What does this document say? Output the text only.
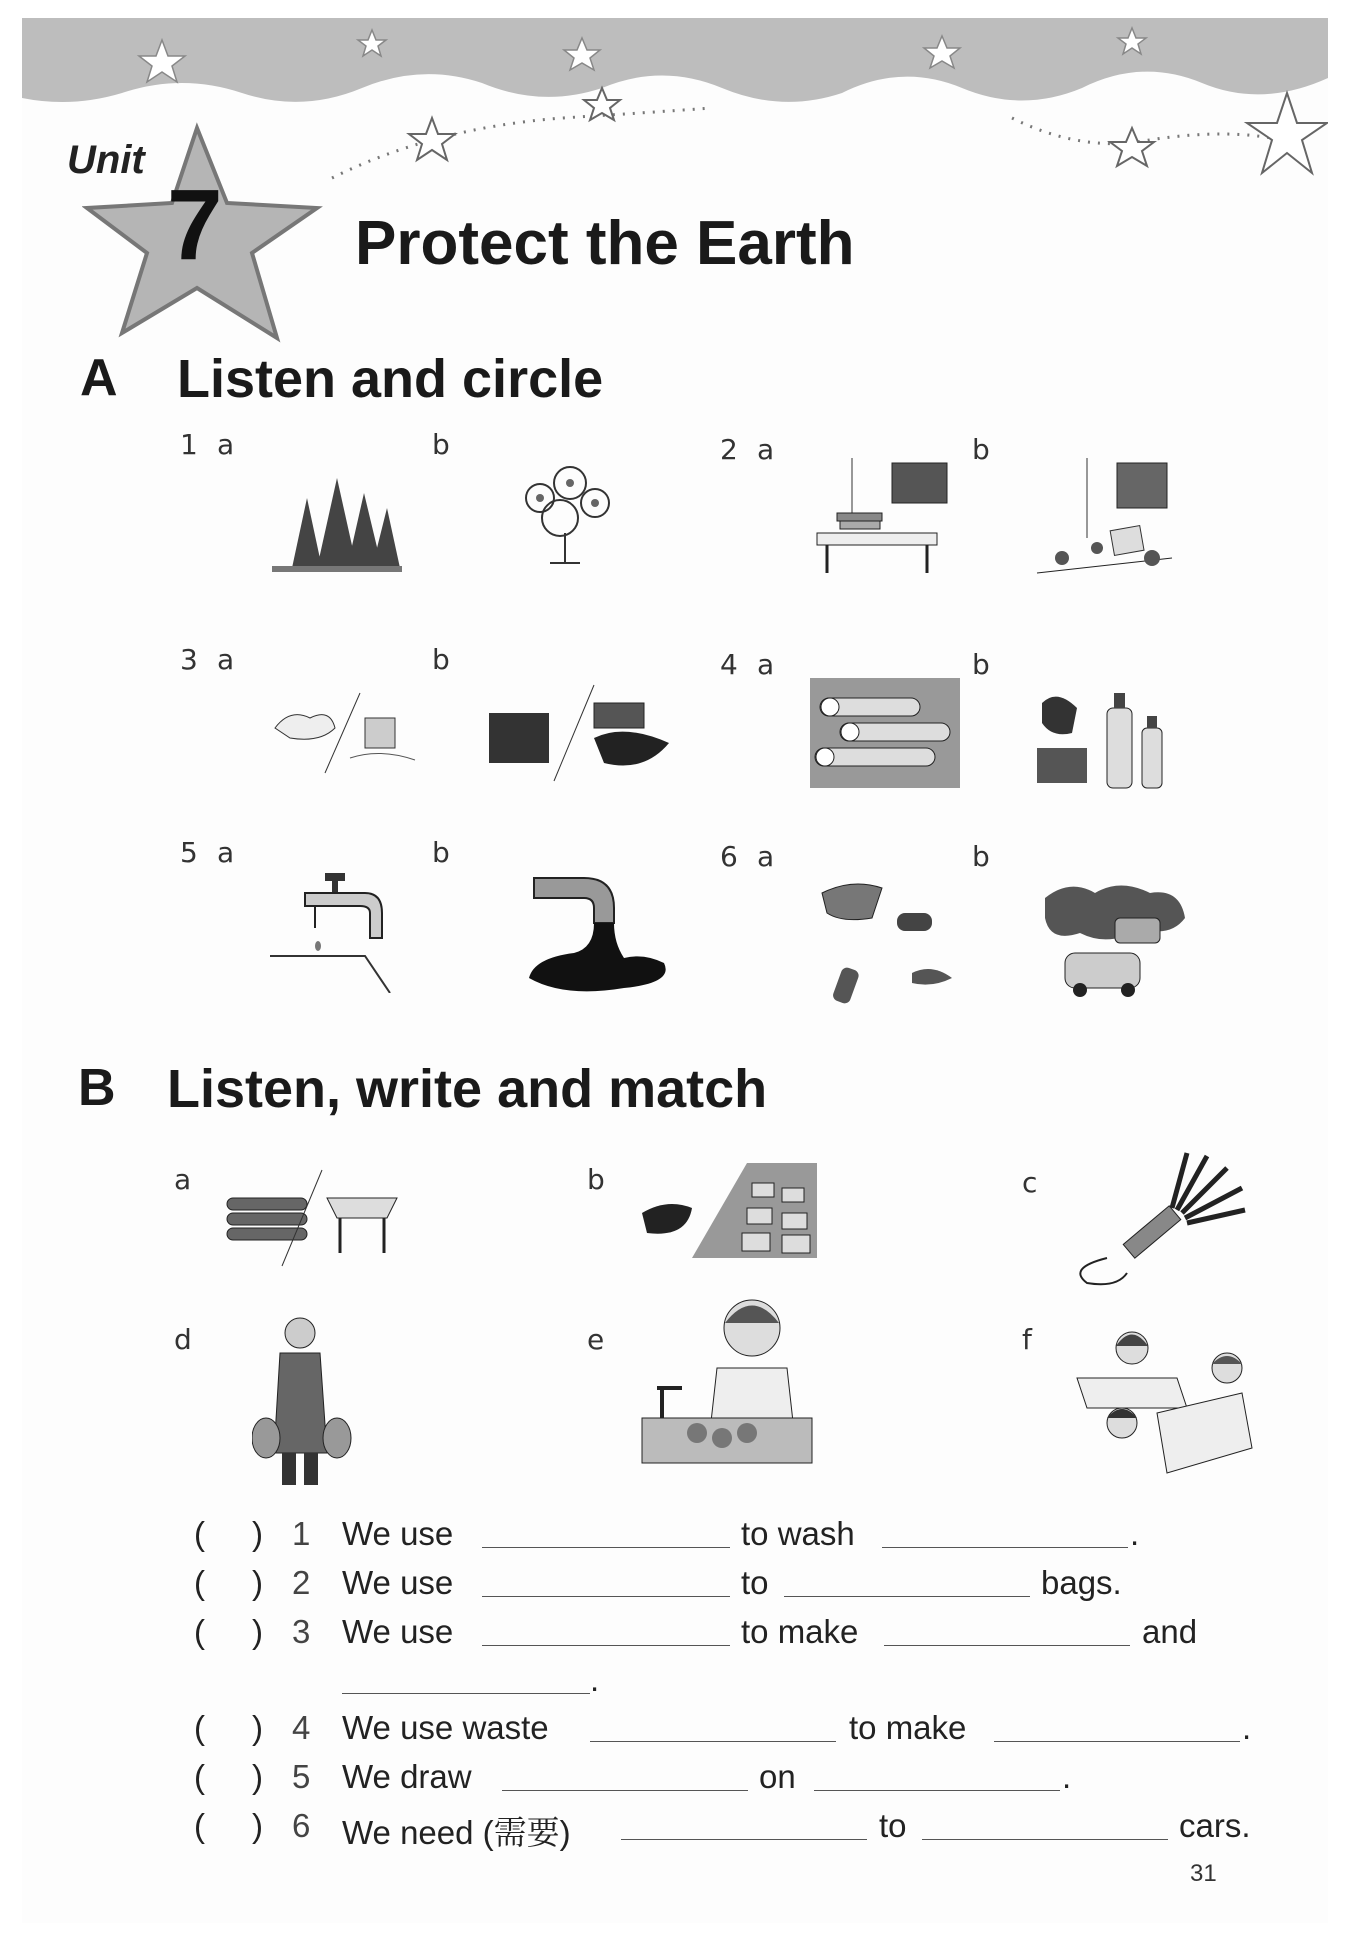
Unit
7 Protect the Earth
A Listen and circle
1 a	b	2 a	b
3 a	b	4 a	b
5 a	b	6 a	b
B Listen, write and match
a	b	c
d	e	f
( ) 1 We use	to wash	.
( ) 2 We use	to	bags.
( ) 3 We use	to make	and
.
( ) 4 We use waste	to make	.
( ) 5 We draw	on	.
( ) 6 We need (需要)	to	cars.
31
